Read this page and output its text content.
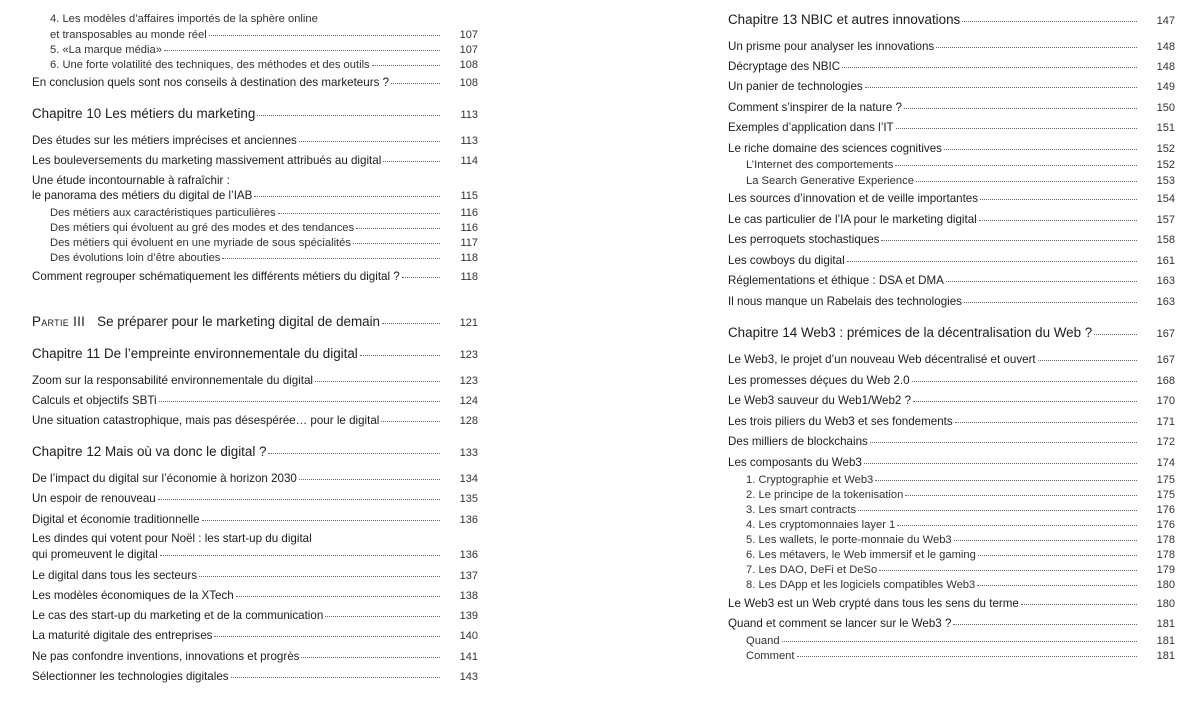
4. Les modèles d’affaires importés de la sphère online
et transposables au monde réel	107
5. «La marque média»	107
6. Une forte volatilité des techniques, des méthodes et des outils	108
En conclusion quels sont nos conseils à destination des marketeurs ?	108
Chapitre 10 Les métiers du marketing	113
Des études sur les métiers imprécises et anciennes	113
Les bouleversements du marketing massivement attribués au digital	114
Une étude incontournable à rafraîchir :
le panorama des métiers du digital de l’IAB	115
Des métiers aux caractéristiques particulières	116
Des métiers qui évoluent au gré des modes et des tendances	116
Des métiers qui évoluent en une myriade de sous spécialités	117
Des évolutions loin d’être abouties	118
Comment regrouper schématiquement les différents métiers du digital ?	118
Partie III Se préparer pour le marketing digital de demain	121
Chapitre 11 De l’empreinte environnementale du digital	123
Zoom sur la responsabilité environnementale du digital	123
Calculs et objectifs SBTi	124
Une situation catastrophique, mais pas désespérée… pour le digital	128
Chapitre 12 Mais où va donc le digital ?	133
De l’impact du digital sur l’économie à horizon 2030	134
Un espoir de renouveau	135
Digital et économie traditionnelle	136
Les dindes qui votent pour Noël : les start-up du digital
qui promeuvent le digital	136
Le digital dans tous les secteurs	137
Les modèles économiques de la XTech	138
Le cas des start-up du marketing et de la communication	139
La maturité digitale des entreprises	140
Ne pas confondre inventions, innovations et progrès	141
Sélectionner les technologies digitales	143
Chapitre 13 NBIC et autres innovations	147
Un prisme pour analyser les innovations	148
Décryptage des NBIC	148
Un panier de technologies	149
Comment s’inspirer de la nature ?	150
Exemples d’application dans l’IT	151
Le riche domaine des sciences cognitives	152
L’Internet des comportements	152
La Search Generative Experience	153
Les sources d’innovation et de veille importantes	154
Le cas particulier de l’IA pour le marketing digital	157
Les perroquets stochastiques	158
Les cowboys du digital	161
Réglementations et éthique : DSA et DMA	163
Il nous manque un Rabelais des technologies	163
Chapitre 14 Web3 : prémices de la décentralisation du Web ?	167
Le Web3, le projet d’un nouveau Web décentralisé et ouvert	167
Les promesses déçues du Web 2.0	168
Le Web3 sauveur du Web1/Web2 ?	170
Les trois piliers du Web3 et ses fondements	171
Des milliers de blockchains	172
Les composants du Web3	174
1. Cryptographie et Web3	175
2. Le principe de la tokenisation	175
3. Les smart contracts	176
4. Les cryptomonnaies layer 1	176
5. Les wallets, le porte-monnaie du Web3	178
6. Les métavers, le Web immersif et le gaming	178
7. Les DAO, DeFi et DeSo	179
8. Les DApp et les logiciels compatibles Web3	180
Le Web3 est un Web crypté dans tous les sens du terme	180
Quand et comment se lancer sur le Web3 ?	181
Quand	181
Comment	181
